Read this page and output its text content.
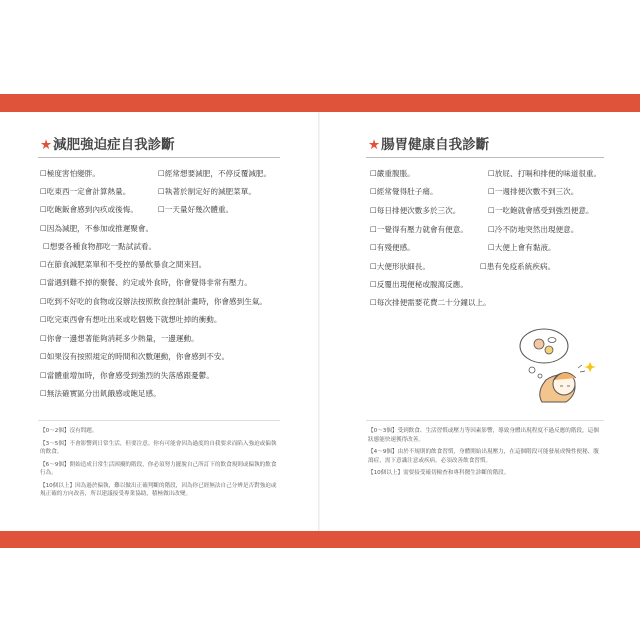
★減肥強迫症自我診斷
☐極度害怕變胖。	☐經常想要減肥，不停反覆減肥。
☐吃東西一定會計算熱量。	☐執著於制定好的減肥菜單。
☐吃飽飯會感到內疚或後悔。	☐一天量好幾次體重。
☐因為減肥，不參加或推遲聚會。
☐想要各種食物都吃一點試試看。
☐在節食減肥菜單和不受控的暴飲暴食之間來回。
☐當遇到難不掉的聚餐、約定或外食時，你會覺得非常有壓力。
☐吃到不好吃的食物或沒辦法按照飲食控制計畫時，你會感到生氣。
☐吃完東西會有想吐出來或吃個幾下就想吐掉的衝動。
☐你會一邊想著能夠消耗多少熱量，一邊運動。
☐如果沒有按照規定的時間和次數運動，你會感到不安。
☐當體重增加時，你會感受到強烈的失落感跟憂鬱。
☐無法確實區分出飢餓感或飽足感。

【0～2個】沒有問題。

【3～5個】不會影響到日常生活，但要注意。你有可能會因為過度的自我要求而陷入強迫或偏執的飲食。

【6～9個】開始造成日常生活困擾的階段，你必須努力擺脫自己所訂下的飲食規則或偏執的飲食行為。

【10個以上】因為過於偏執，難以做出正確判斷的階段，因為你已經無法自己分辨是否對強迫或規正確的方向改善，所以建議接受專業協助，積極做出改變。

★腸胃健康自我診斷
☐嚴重腹脹。	☐放屁、打嗝和排便的味道很重。
☐經常覺得肚子痛。	☐一週排便次數不到三次。
☐每日排便次數多於三次。	☐一吃飽就會感受到強烈便意。
☐一覺得有壓力就會有便意。	☐冷不防地突然出現便意。
☐有殘便感。	☐大便上會有黏液。
☐大便形狀細長。	☐患有免疫系統疾病。
☐反覆出現便秘或腹瀉反應。
☐每次排便需要花費二十分鐘以上。

【0～3個】受到飲食、生活習慣或壓力等因素影響，導致身體出現程度不過反應的階段，這個狀態能快速獲得改善。

【4～9個】由於不規則的飲食習慣，身體開始出現壓力，在這個階段可能發展成慢性便秘、腹瀉症，需下意識注意或疾病，必須改善飲食習慣。

【10個以上】需要接受確切檢查和專科醫生診斷的階段。
